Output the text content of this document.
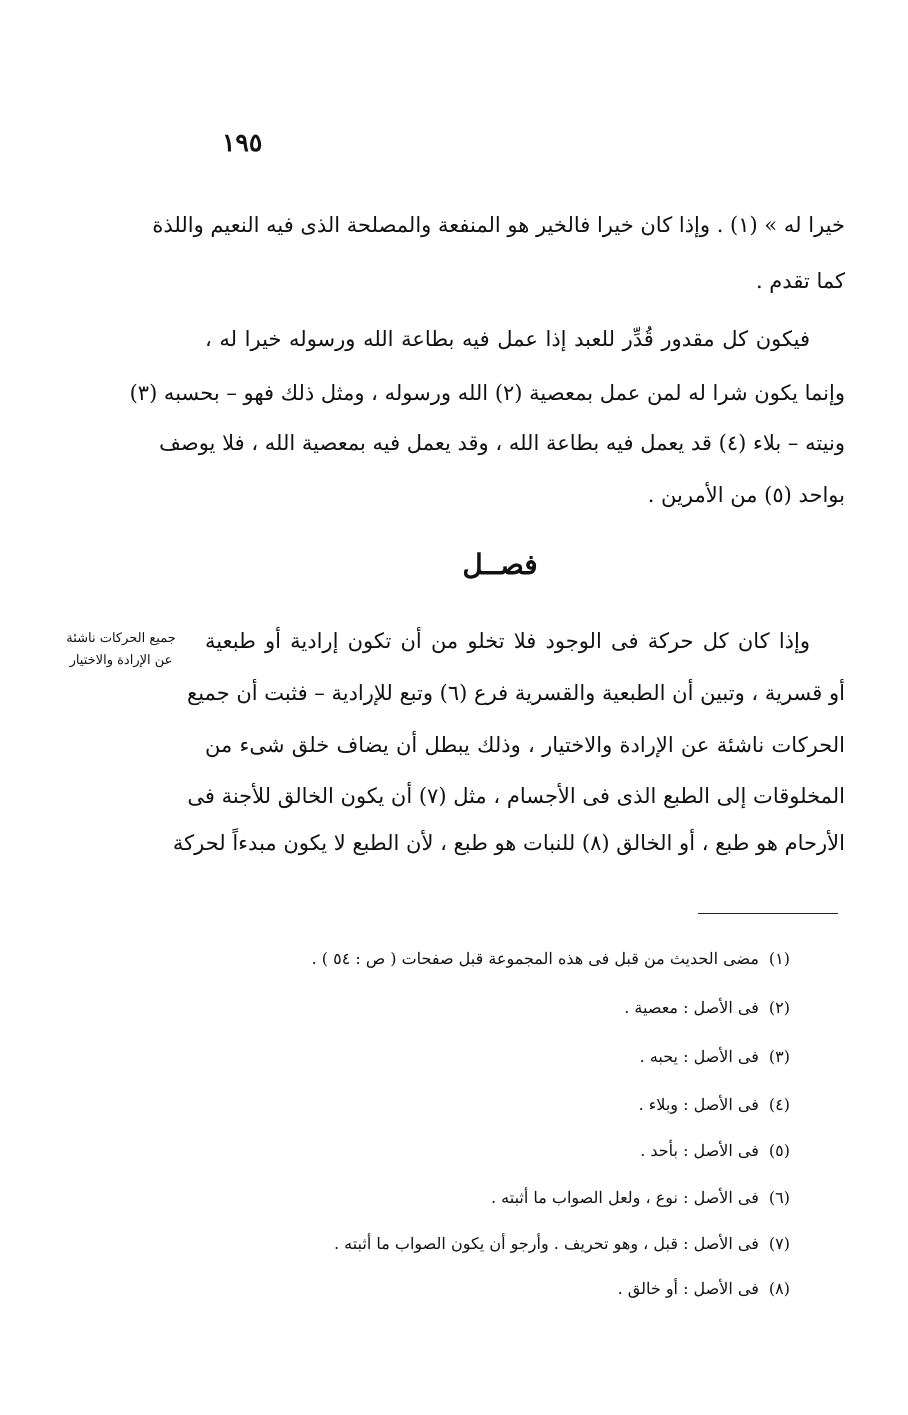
١٩٥
خيرا له » (١) . وإذا كان خيرا فالخير هو المنفعة والمصلحة الذى فيه النعيم واللذة
كما تقدم .
فيكون كل مقدور قُدِّر للعبد إذا عمل فيه بطاعة الله ورسوله خيرا له ،
وإنما يكون شرا له لمن عمل بمعصية (٢) الله ورسوله ، ومثل ذلك فهو – بحسبه (٣)
ونيته – بلاء (٤) قد يعمل فيه بطاعة الله ، وقد يعمل فيه بمعصية الله ، فلا يوصف
بواحد (٥) من الأمرين .
فصــل
جميع الحركات ناشئة
عن الإرادة والاختيار
وإذا كان كل حركة فى الوجود فلا تخلو من أن تكون إرادية أو طبعية
أو قسرية ، وتبين أن الطبعية والقسرية فرع (٦) وتبع للإرادية – فثبت أن جميع
الحركات ناشئة عن الإرادة والاختيار ، وذلك يبطل أن يضاف خلق شىء من
المخلوقات إلى الطبع الذى فى الأجسام ، مثل (٧) أن يكون الخالق للأجنة فى
الأرحام هو طبع ، أو الخالق (٨) للنبات هو طبع ، لأن الطبع لا يكون مبدءاً لحركة
(١)مضى الحديث من قبل فى هذه المجموعة قبل صفحات ( ص : ٥٤ ) .
(٢)فى الأصل : معصية .
(٣)فى الأصل : يحبه .
(٤)فى الأصل : وبلاء .
(٥)فى الأصل : بأحد .
(٦)فى الأصل : نوع ، ولعل الصواب ما أثبته .
(٧)فى الأصل : قبل ، وهو تحريف . وأرجو أن يكون الصواب ما أثبته .
(٨)فى الأصل : أو خالق .
